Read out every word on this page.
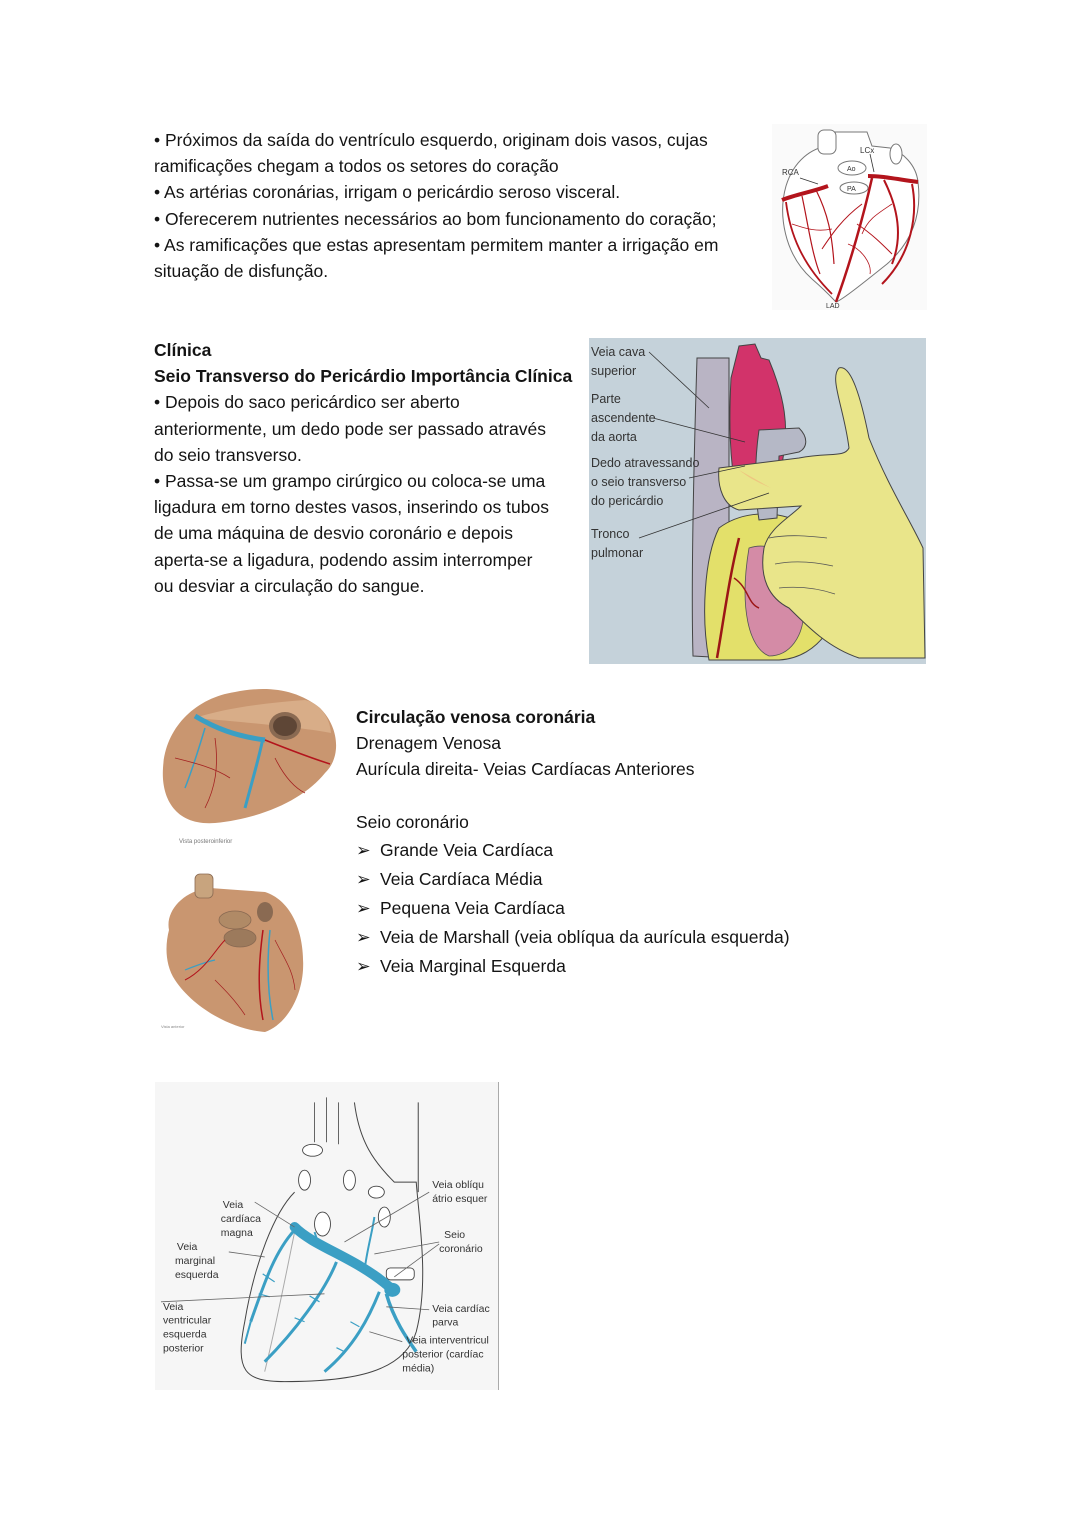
• Próximos da saída do ventrículo esquerdo, originam dois vasos, cujas
ramificações chegam a todos os setores do coração
• As artérias coronárias, irrigam o pericárdio seroso visceral.
• Oferecerem nutrientes necessários ao bom funcionamento do coração;
• As ramificações que estas apresentam permitem manter a irrigação em
situação de disfunção.
RCA
LCx
Ao
PA
LAD
Clínica
Seio Transverso do Pericárdio Importância Clínica
• Depois do saco pericárdico ser aberto
anteriormente, um dedo pode ser passado através
do seio transverso.
• Passa-se um grampo cirúrgico ou coloca-se uma
ligadura em torno destes vasos, inserindo os tubos
de uma máquina de desvio coronário e depois
aperta-se a ligadura, podendo assim interromper
ou desviar a circulação do sangue.
Veia cava
superior
Parte
ascendente
da aorta
Dedo atravessando
o seio transverso
do pericárdio
Tronco
pulmonar
Vista posteroinferior
Vista anterior
Circulação venosa coronária
Drenagem Venosa
Aurícula direita- Veias Cardíacas Anteriores
Seio coronário
➢ Grande Veia Cardíaca
➢ Veia Cardíaca Média
➢ Pequena Veia Cardíaca
➢ Veia de Marshall (veia oblíqua da aurícula esquerda)
➢ Veia Marginal Esquerda
Veia
cardíaca
magna
Veia
marginal
esquerda
Veia
ventricular
esquerda
posterior
Veia oblíqu
átrio esquer
Seio
coronário
Veia cardíac
parva
Veia interventricul
posterior (cardíac
média)
